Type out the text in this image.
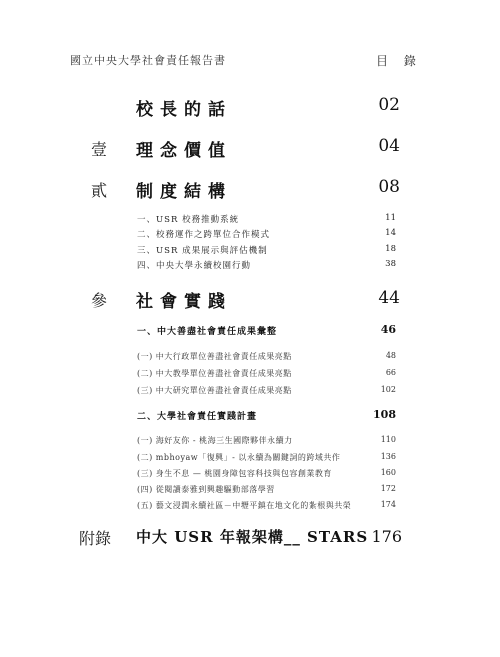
國立中央大學社會責任報告書	目 錄
校長的話	02
壹 理念價值	04
貳 制度結構	08
一、USR 校務推動系統	11
二、校務運作之跨單位合作模式	14
三、USR 成果展示與評估機制	18
四、中央大學永續校園行動	38
參 社會實踐	44
一、中大善盡社會責任成果彙整	46
(一) 中大行政單位善盡社會責任成果亮點	48
(二) 中大教學單位善盡社會責任成果亮點	66
(三) 中大研究單位善盡社會責任成果亮點	102
二、大學社會責任實踐計畫	108
(一) 海好友你 - 桃海三生國際夥伴永續力	110
(二) mbhoyaw「復興」- 以永續為關鍵詞的跨域共作	136
(三) 身生不息 — 桃園身障包容科技與包容創業教育	160
(四) 從閱讀泰雅到興趣驅動部落學習	172
(五) 藝文浸潤永續社區－中壢平鎮在地文化的紮根與共榮	174
附錄 中大 USR 年報架構__ STARS 176
